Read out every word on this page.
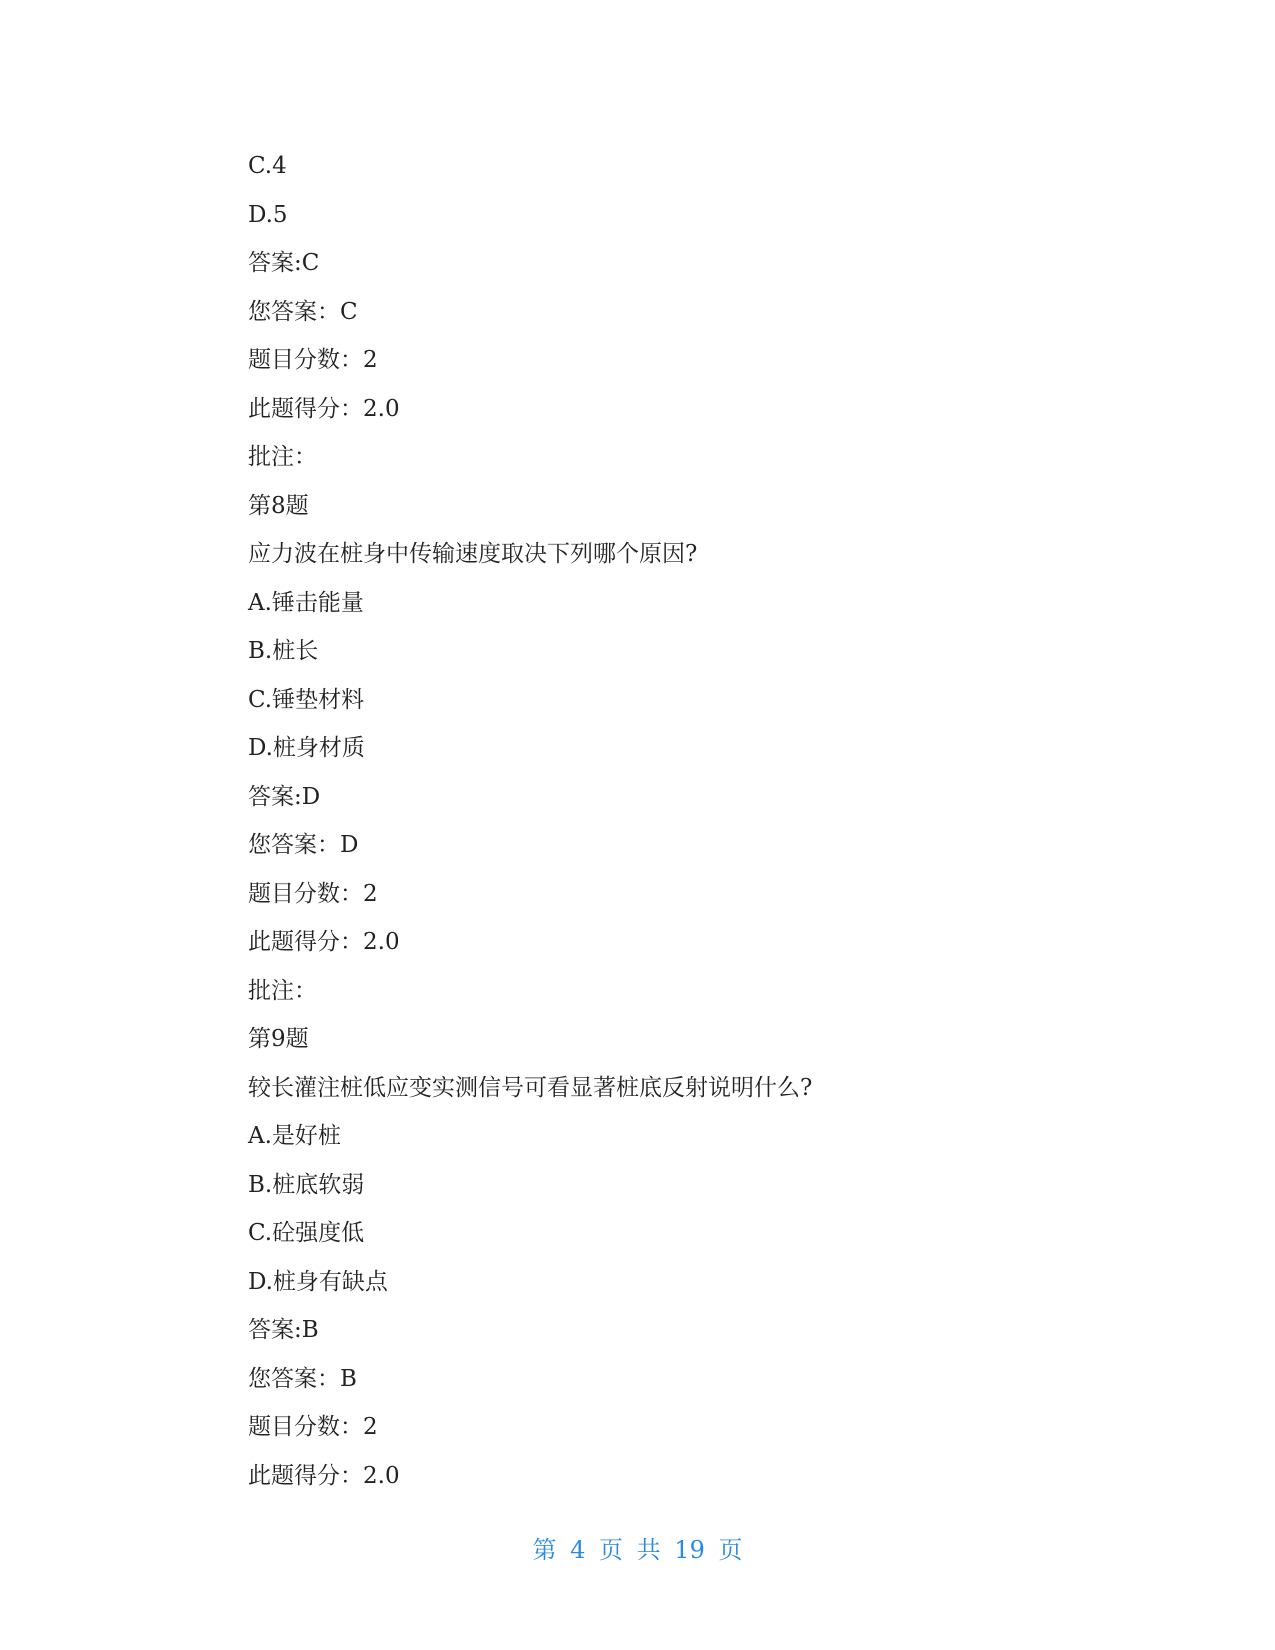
C.4
D.5
答案:C
您答案：C
题目分数：2
此题得分：2.0
批注：
第8题
应力波在桩身中传输速度取决下列哪个原因?
A.锤击能量
B.桩长
C.锤垫材料
D.桩身材质
答案:D
您答案：D
题目分数：2
此题得分：2.0
批注：
第9题
较长灌注桩低应变实测信号可看显著桩底反射说明什么?
A.是好桩
B.桩底软弱
C.砼强度低
D.桩身有缺点
答案:B
您答案：B
题目分数：2
此题得分：2.0
第 4 页 共 19 页
